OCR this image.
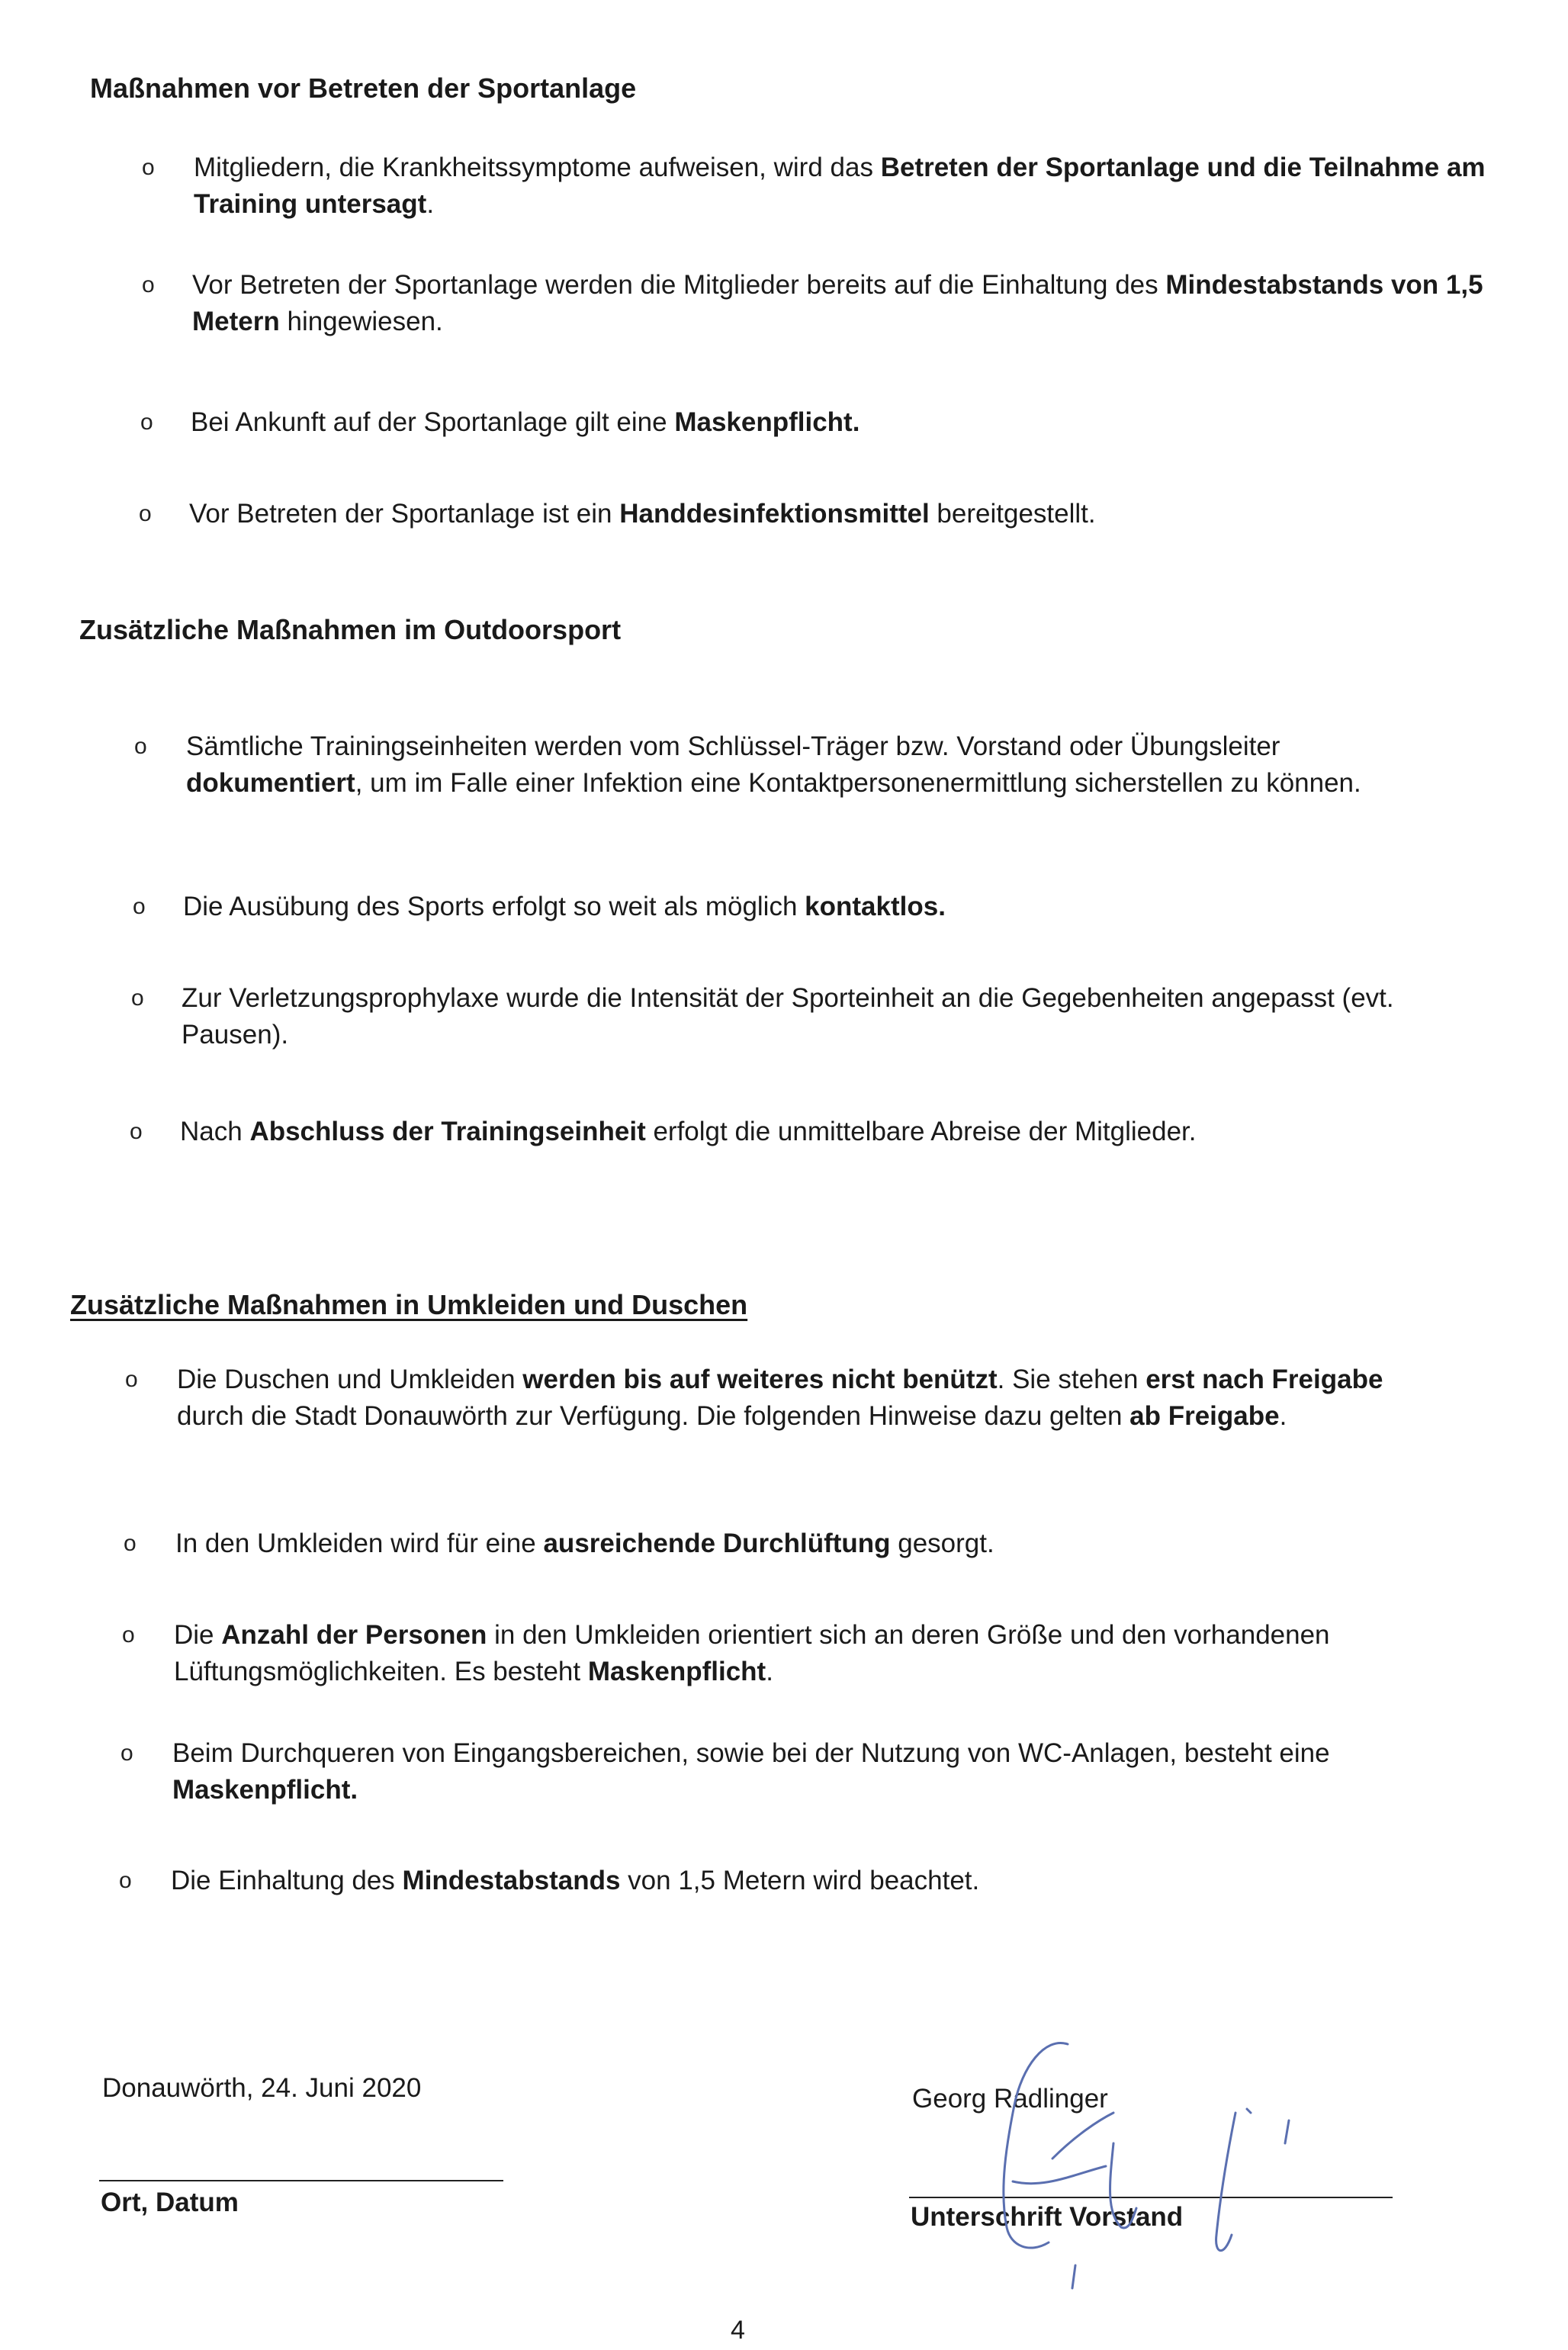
Maßnahmen vor Betreten der Sportanlage
o Mitgliedern, die Krankheitssymptome aufweisen, wird das Betreten der Sportanlage und die Teilnahme am Training untersagt.
o Vor Betreten der Sportanlage werden die Mitglieder bereits auf die Einhaltung des Mindestabstands von 1,5 Metern hingewiesen.
o Bei Ankunft auf der Sportanlage gilt eine Maskenpflicht.
o Vor Betreten der Sportanlage ist ein Handdesinfektionsmittel bereitgestellt.
Zusätzliche Maßnahmen im Outdoorsport
o Sämtliche Trainingseinheiten werden vom Schlüssel-Träger bzw. Vorstand oder Übungsleiter dokumentiert, um im Falle einer Infektion eine Kontaktpersonenermittlung sicherstellen zu können.
o Die Ausübung des Sports erfolgt so weit als möglich kontaktlos.
o Zur Verletzungsprophylaxe wurde die Intensität der Sporteinheit an die Gegebenheiten angepasst (evt. Pausen).
o Nach Abschluss der Trainingseinheit erfolgt die unmittelbare Abreise der Mitglieder.
Zusätzliche Maßnahmen in Umkleiden und Duschen
o Die Duschen und Umkleiden werden bis auf weiteres nicht benützt. Sie stehen erst nach Freigabe durch die Stadt Donauwörth zur Verfügung. Die folgenden Hinweise dazu gelten ab Freigabe.
o In den Umkleiden wird für eine ausreichende Durchlüftung gesorgt.
o Die Anzahl der Personen in den Umkleiden orientiert sich an deren Größe und den vorhandenen Lüftungsmöglichkeiten. Es besteht Maskenpflicht.
o Beim Durchqueren von Eingangsbereichen, sowie bei der Nutzung von WC-Anlagen, besteht eine Maskenpflicht.
o Die Einhaltung des Mindestabstands von 1,5 Metern wird beachtet.
Donauwörth, 24. Juni 2020
Ort, Datum
Georg Radlinger
Unterschrift Vorstand
4
